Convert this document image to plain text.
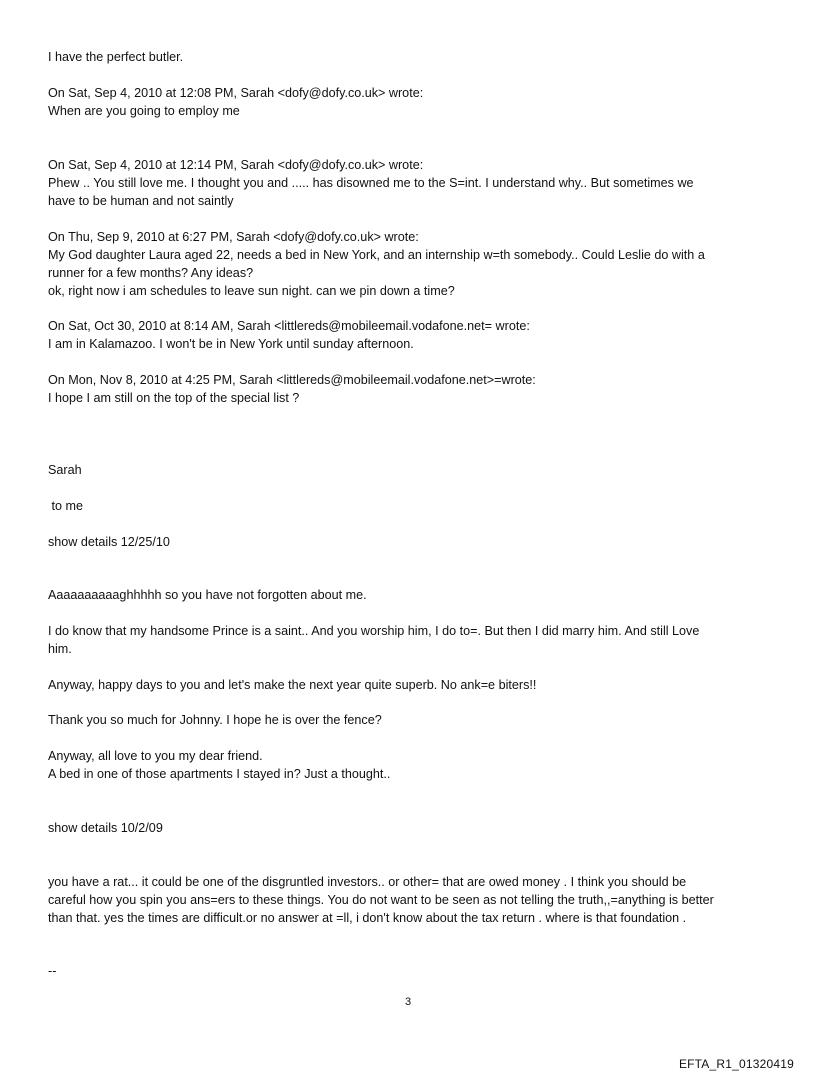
I have the perfect butler.
On Sat, Sep 4, 2010 at 12:08 PM, Sarah <dofy@dofy.co.uk> wrote:
When are you going to employ me
On Sat, Sep 4, 2010 at 12:14 PM, Sarah <dofy@dofy.co.uk> wrote:
Phew .. You still love me. I thought you and ..... has disowned me to the S=int. I understand why.. But sometimes we
have to be human and not saintly
On Thu, Sep 9, 2010 at 6:27 PM, Sarah <dofy@dofy.co.uk> wrote:
My God daughter Laura aged 22, needs a bed in New York, and an internship w=th somebody.. Could Leslie do with a
runner for a few months? Any ideas?
ok, right now i am schedules to leave sun night. can we pin down a time?
On Sat, Oct 30, 2010 at 8:14 AM, Sarah <littlereds@mobileemail.vodafone.net= wrote:
I am in Kalamazoo. I won't be in New York until sunday afternoon.
On Mon, Nov 8, 2010 at 4:25 PM, Sarah <littlereds@mobileemail.vodafone.net>=wrote:
I hope I am still on the top of the special list ?
Sarah
to me
show details 12/25/10
Aaaaaaaaaaghhhhh so you have not forgotten about me.
I do know that my handsome Prince is a saint.. And you worship him, I do to=. But then I did marry him. And still Love
him.
Anyway, happy days to you and let's make the next year quite superb. No ank=e biters!!
Thank you so much for Johnny. I hope he is over the fence?
Anyway, all love to you my dear friend.
A bed in one of those apartments I stayed in? Just a thought..
show details 10/2/09
you have a rat... it could be one of the disgruntled investors.. or other= that are owed money . I think you should be
careful how you spin you ans=ers to these things. You do not want to be seen as not telling the truth,,=anything is better
than that. yes the times are difficult.or no answer at =ll, i don't know about the tax return . where is that foundation .
--
3
EFTA_R1_01320419
